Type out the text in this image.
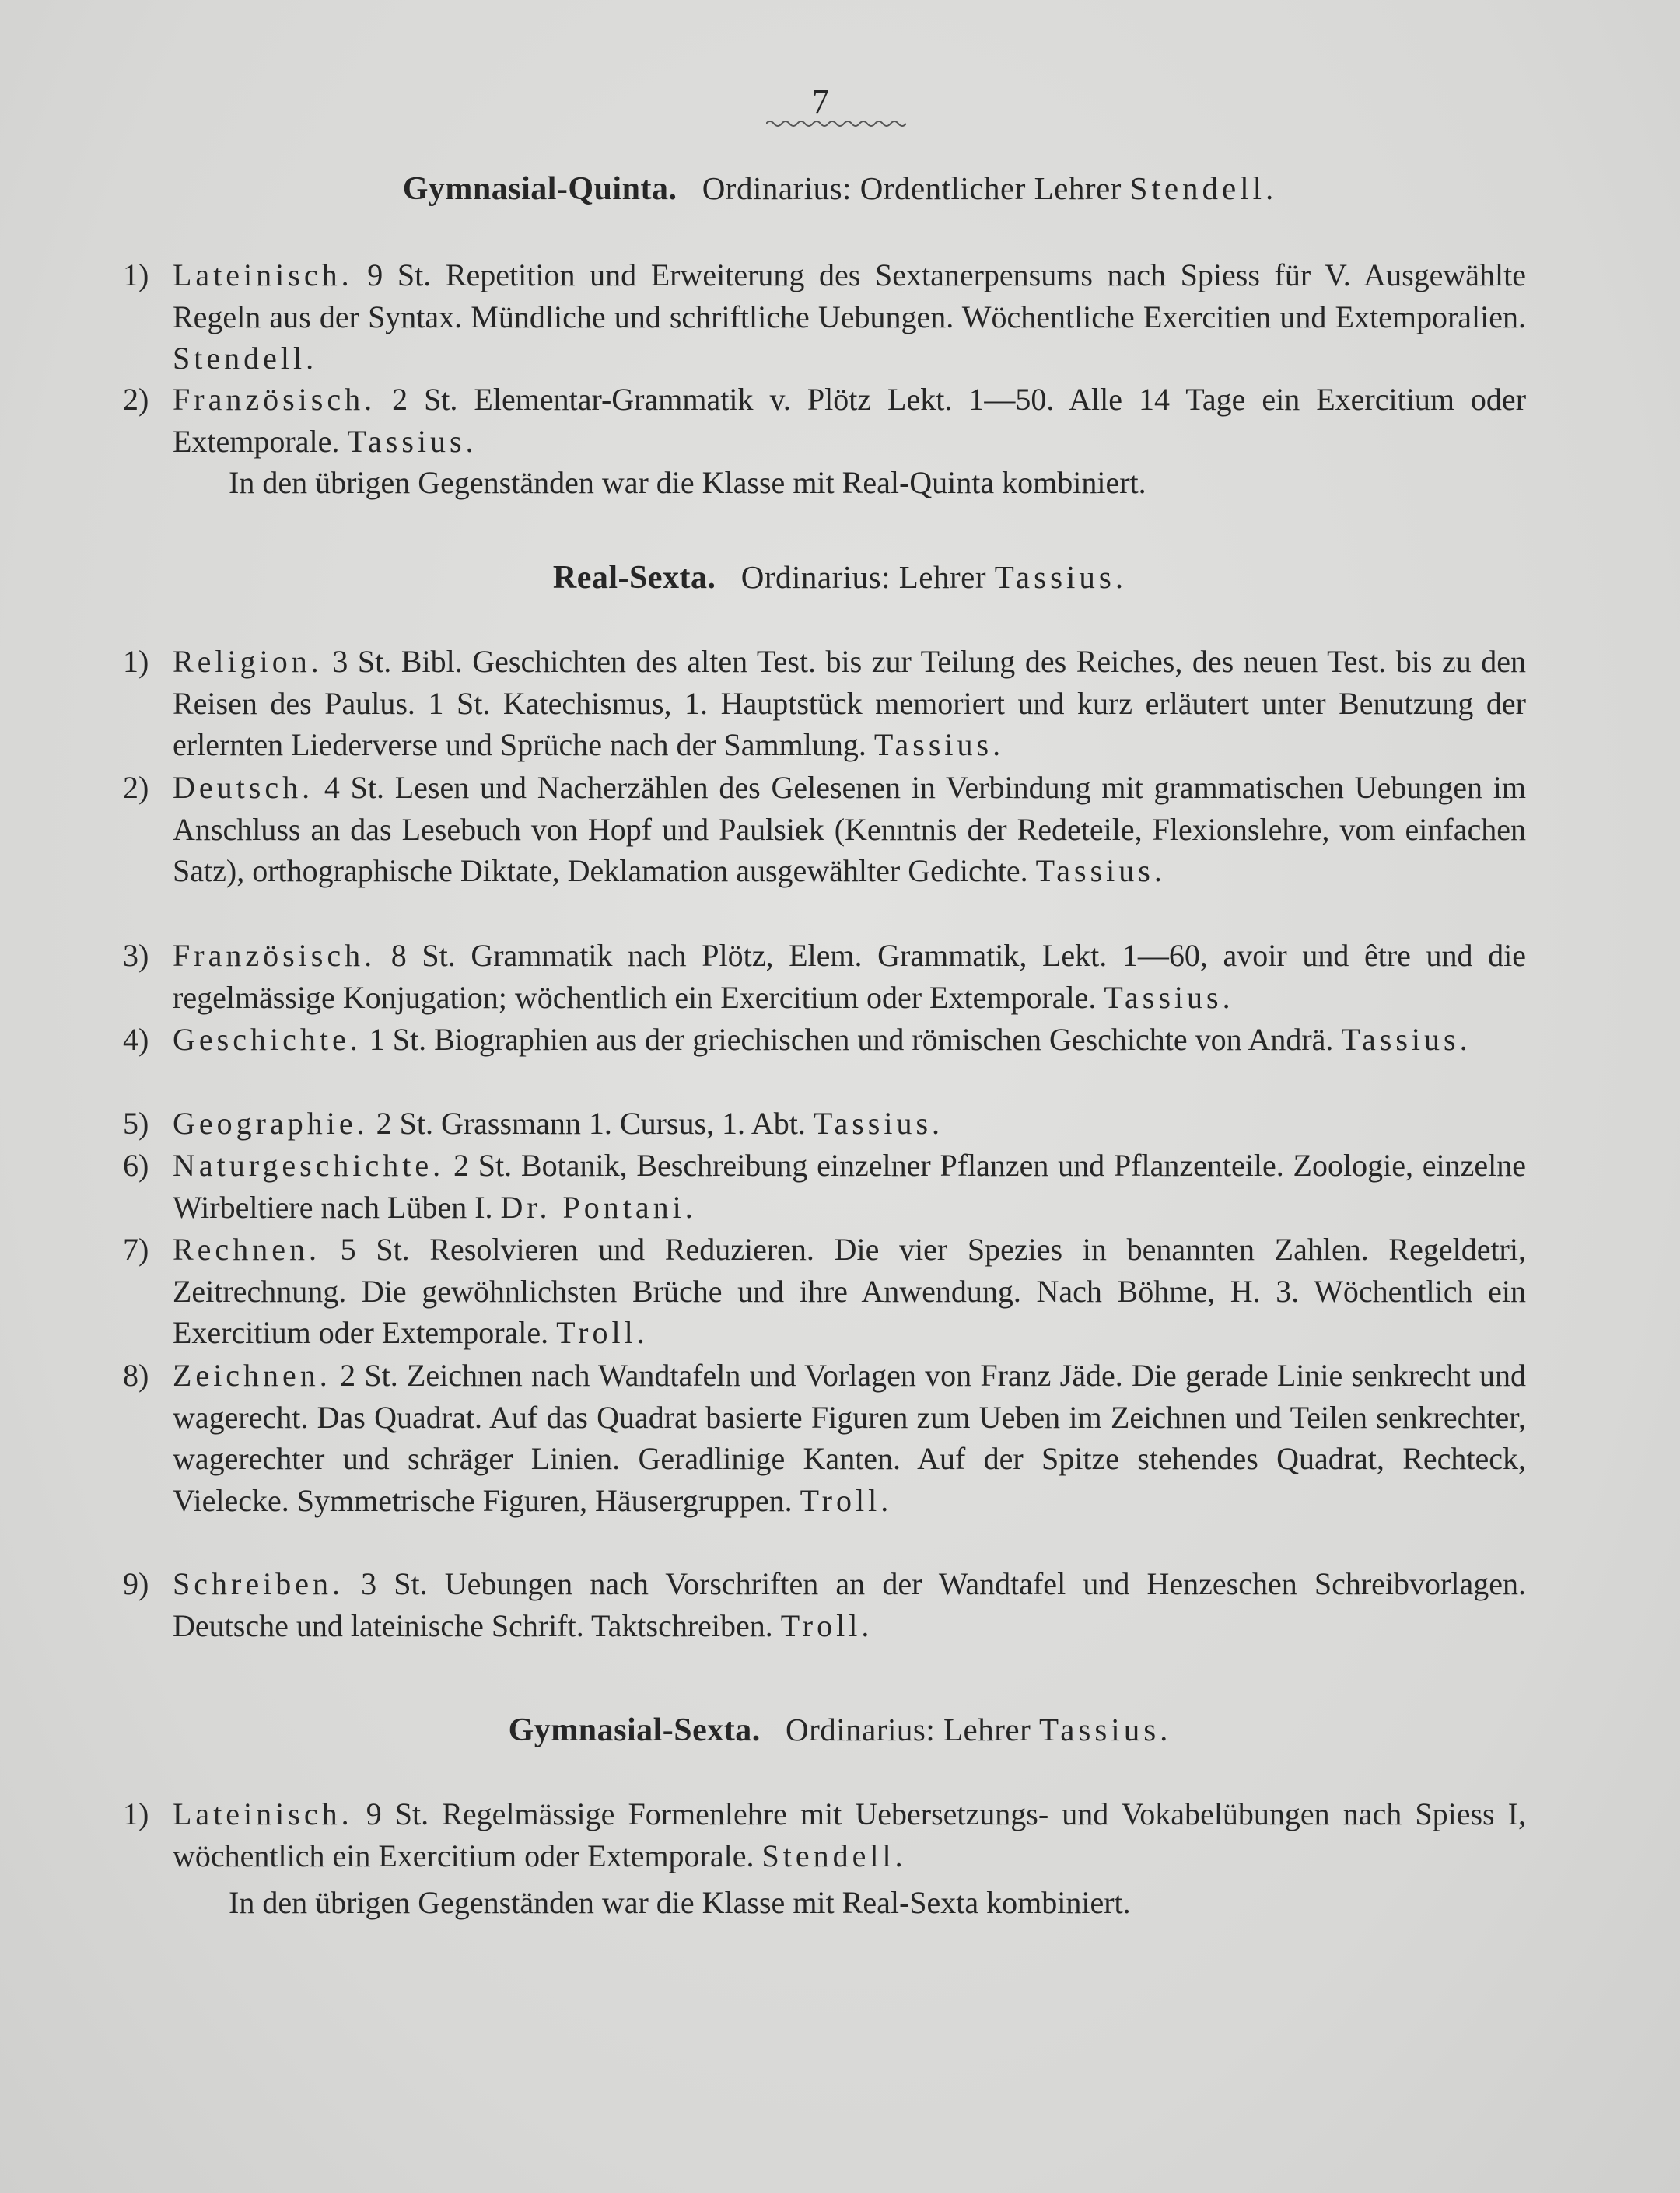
7
Gymnasial-Quinta. Ordinarius: Ordentlicher Lehrer Stendell.
1) Lateinisch. 9 St. Repetition und Erweiterung des Sextanerpensums nach Spiess für V. Ausgewählte Regeln aus der Syntax. Mündliche und schriftliche Uebungen. Wöchentliche Exercitien und Extemporalien. Stendell.
2) Französisch. 2 St. Elementar-Grammatik v. Plötz Lekt. 1—50. Alle 14 Tage ein Exercitium oder Extemporale. Tassius.
In den übrigen Gegenständen war die Klasse mit Real-Quinta kombiniert.
Real-Sexta. Ordinarius: Lehrer Tassius.
1) Religion. 3 St. Bibl. Geschichten des alten Test. bis zur Teilung des Reiches, des neuen Test. bis zu den Reisen des Paulus. 1 St. Katechismus, 1. Hauptstück memoriert und kurz erläutert unter Benutzung der erlernten Liederverse und Sprüche nach der Sammlung. Tassius.
2) Deutsch. 4 St. Lesen und Nacherzählen des Gelesenen in Verbindung mit grammatischen Uebungen im Anschluss an das Lesebuch von Hopf und Paulsiek (Kenntnis der Redeteile, Flexionslehre, vom einfachen Satz), orthographische Diktate, Deklamation ausgewählter Gedichte. Tassius.
3) Französisch. 8 St. Grammatik nach Plötz, Elem. Grammatik, Lekt. 1—60, avoir und être und die regelmässige Konjugation; wöchentlich ein Exercitium oder Extemporale. Tassius.
4) Geschichte. 1 St. Biographien aus der griechischen und römischen Geschichte von Andrä. Tassius.
5) Geographie. 2 St. Grassmann 1. Cursus, 1. Abt. Tassius.
6) Naturgeschichte. 2 St. Botanik, Beschreibung einzelner Pflanzen und Pflanzenteile. Zoologie, einzelne Wirbeltiere nach Lüben I. Dr. Pontani.
7) Rechnen. 5 St. Resolvieren und Reduzieren. Die vier Spezies in benannten Zahlen. Regeldetri, Zeitrechnung. Die gewöhnlichsten Brüche und ihre Anwendung. Nach Böhme, H. 3. Wöchentlich ein Exercitium oder Extemporale. Troll.
8) Zeichnen. 2 St. Zeichnen nach Wandtafeln und Vorlagen von Franz Jäde. Die gerade Linie senkrecht und wagerecht. Das Quadrat. Auf das Quadrat basierte Figuren zum Ueben im Zeichnen und Teilen senkrechter, wagerechter und schräger Linien. Geradlinige Kanten. Auf der Spitze stehendes Quadrat, Rechteck, Vielecke. Symmetrische Figuren, Häusergruppen. Troll.
9) Schreiben. 3 St. Uebungen nach Vorschriften an der Wandtafel und Henzeschen Schreibvorlagen. Deutsche und lateinische Schrift. Taktschreiben. Troll.
Gymnasial-Sexta. Ordinarius: Lehrer Tassius.
1) Lateinisch. 9 St. Regelmässige Formenlehre mit Uebersetzungs- und Vokabelübungen nach Spiess I, wöchentlich ein Exercitium oder Extemporale. Stendell.
In den übrigen Gegenständen war die Klasse mit Real-Sexta kombiniert.
